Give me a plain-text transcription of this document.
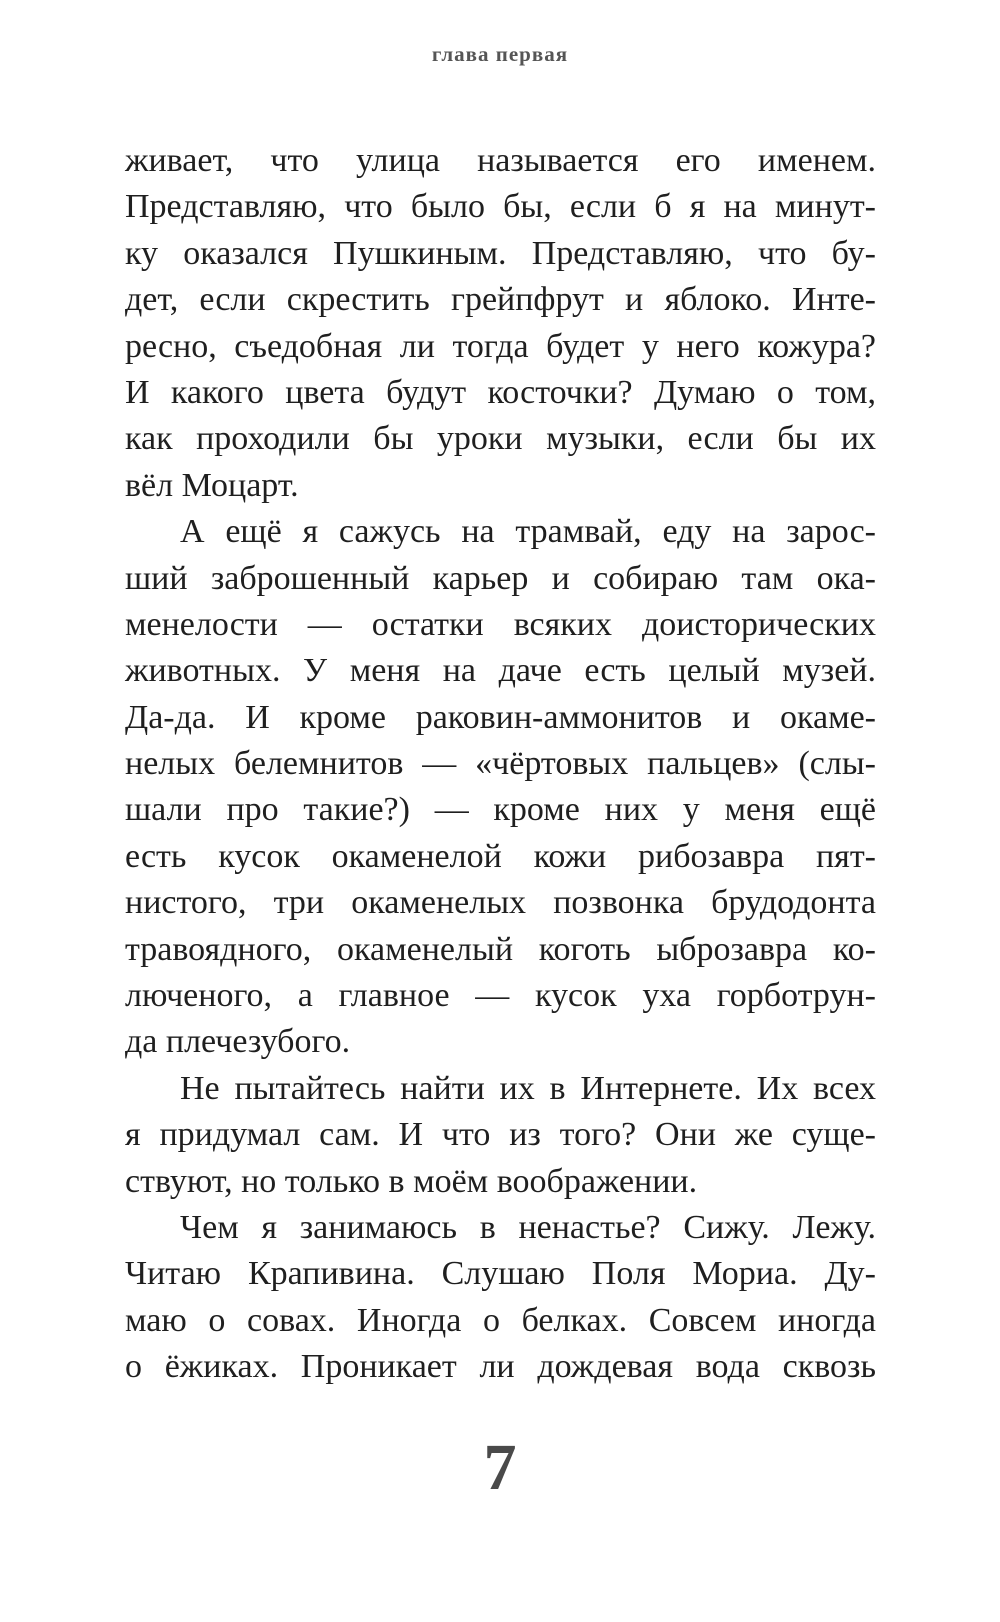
глава первая
живает, что улица называется его именем.
Представляю, что было бы, если б я на минут-
ку оказался Пушкиным. Представляю, что бу-
дет, если скрестить грейпфрут и яблоко. Инте-
ресно, съедобная ли тогда будет у него кожура?
И какого цвета будут косточки? Думаю о том,
как проходили бы уроки музыки, если бы их
вёл Моцарт.
А ещё я сажусь на трамвай, еду на зарос-
ший заброшенный карьер и собираю там ока-
менелости — остатки всяких доисторических
животных. У меня на даче есть целый музей.
Да-да. И кроме раковин-аммонитов и окаме-
нелых белемнитов — «чёртовых пальцев» (слы-
шали про такие?) — кроме них у меня ещё
есть кусок окаменелой кожи рибозавра пят-
нистого, три окаменелых позвонка брудодонта
травоядного, окаменелый коготь ыброзавра ко-
люченого, а главное — кусок уха горботрун-
да плечезубого.
Не пытайтесь найти их в Интернете. Их всех
я придумал сам. И что из того? Они же суще-
ствуют, но только в моём воображении.
Чем я занимаюсь в ненастье? Сижу. Лежу.
Читаю Крапивина. Слушаю Поля Мориа. Ду-
маю о совах. Иногда о белках. Совсем иногда
о ёжиках. Проникает ли дождевая вода сквозь
7
